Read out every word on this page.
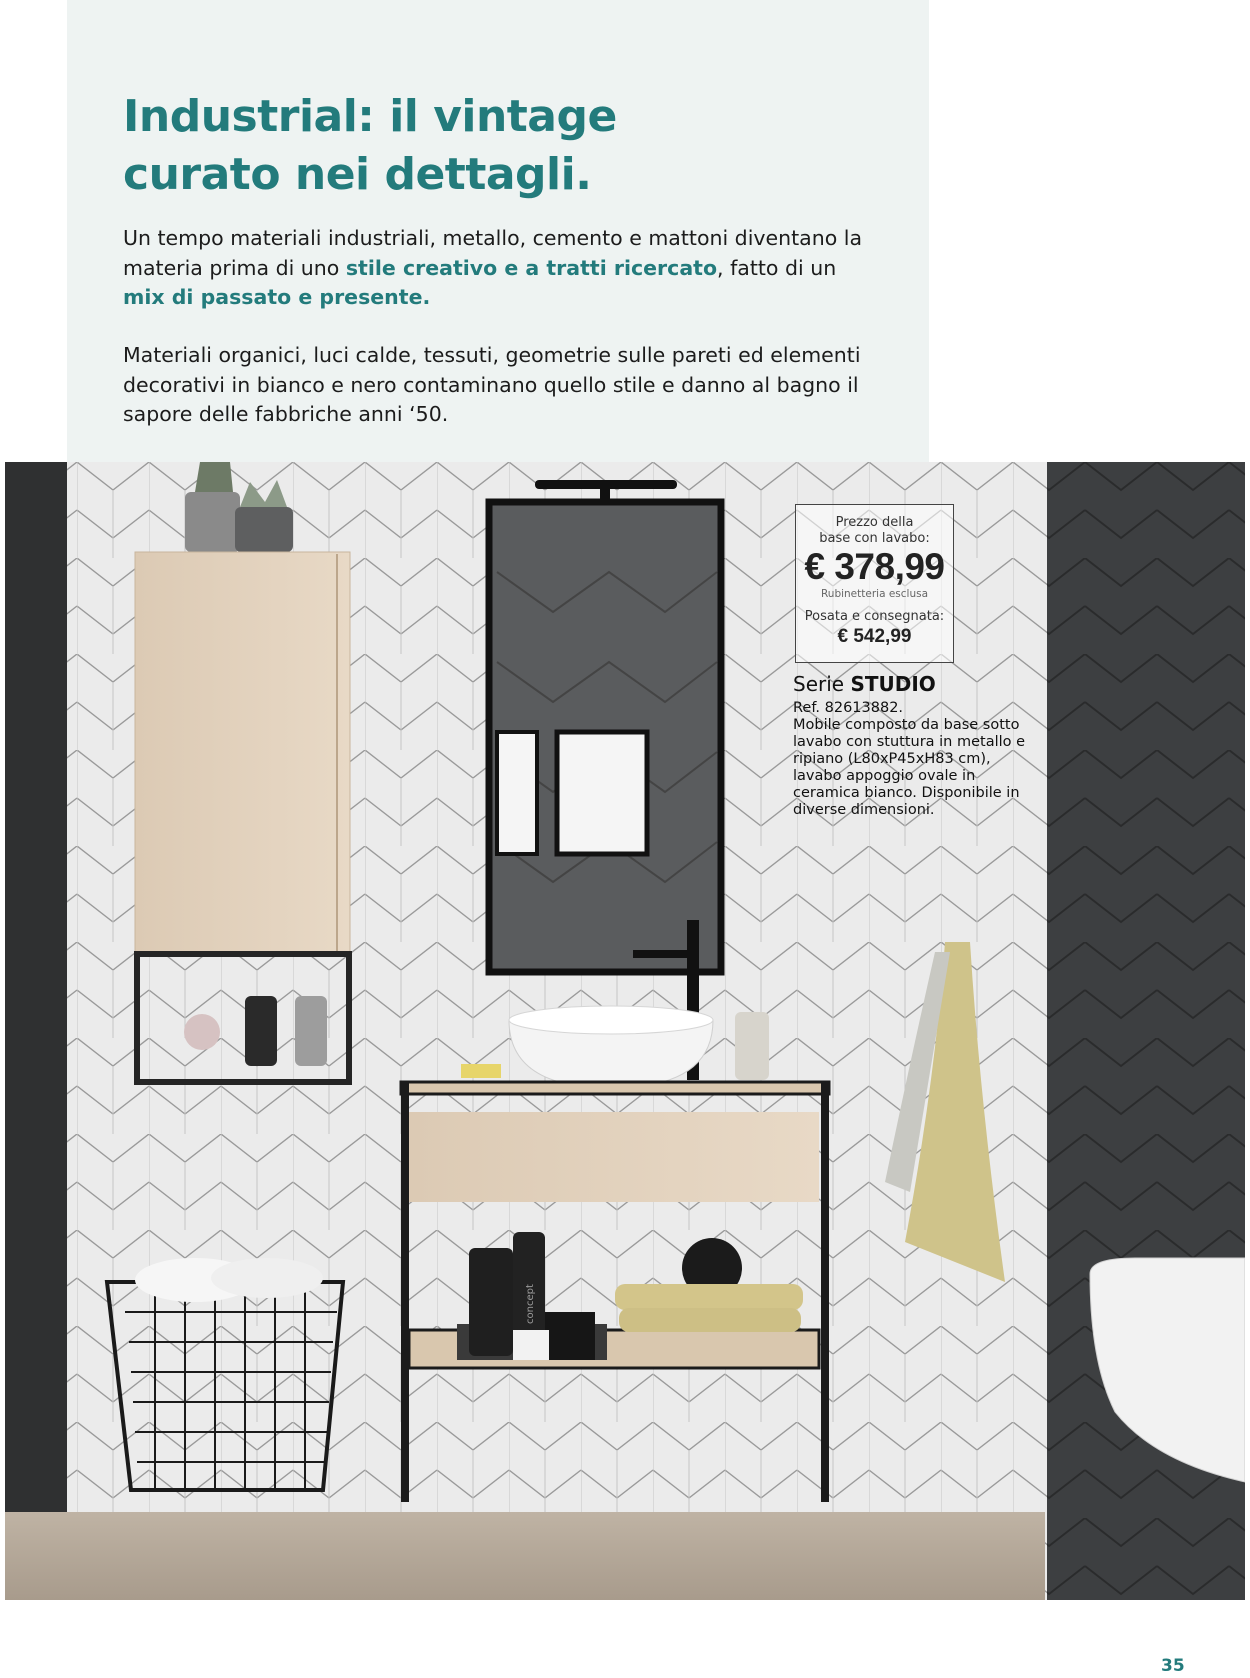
Industrial: il vintage
curato nei dettagli.

Un tempo materiali industriali, metallo, cemento e mattoni diventano la materia prima di uno stile creativo e a tratti ricercato, fatto di un mix di passato e presente.

Materiali organici, luci calde, tessuti, geometrie sulle pareti ed elementi decorativi in bianco e nero contaminano quello stile e danno al bagno il sapore delle fabbriche anni ‘50.

concept
Prezzo della
base con lavabo:
€ 378,99
Rubinetteria esclusa
Posata e consegnata:
€ 542,99
Serie STUDIO
Ref. 82613882.
Mobile composto da base sotto lavabo con stuttura in metallo e ripiano (L80xP45xH83 cm), lavabo appoggio ovale in ceramica bianco. Disponibile in diverse dimensioni.
35
